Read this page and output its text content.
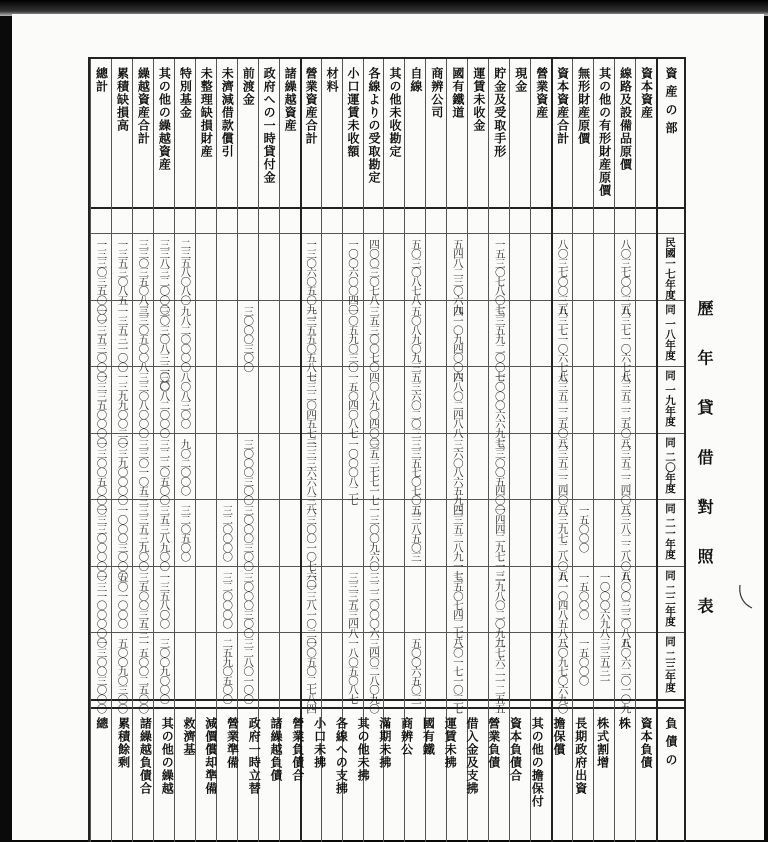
歷 年 貸 借 對 照 表
資 産 の 部
民國一七年度
同 一八年度
同 一九年度
同 二〇年度
同 二一年度
同 二二年度
同 二三年度
資本資産
線路及設備品原價
八〇三七〇〇三五
八三七一〇六七七
八三五二二五〇三
八三五二二四〇三
八三八二二八〇五
八〇〇三三〇八五
八〇六二〇一〇九
其の他の有形財産原價
一〇〇〇六九八
三三五三一
無形財産原價
一五〇〇〇
一五〇〇〇
一五〇〇〇
資本資産合計
八〇三七〇〇三五
八三七一〇六七七
八三五二二五〇三
八三五二二四〇三
八三九七二八〇五
八一〇四八五八三
八〇九七〇六九〇
營業資産
現金
貯金及受取手形
一五三〇七八〇七
三三五九二〇〇七
一〇〇〇六六九七
三三〇〇五四〇〇
一四四二九七一三
二九八〇二〇九九
二七六二一二五五
運賃未收金
國有鐵道
五四八二三〇六九
四一〇九四〇〇六
四八〇二四八八
三六〇八六五九四
三三五二八九一七
三五〇七四二七八
三〇一七一〇三七
商辨公司
自線
五〇三〇八七八
五〇八九〇九三
五三六〇二〇三
三三五七〇七〇二
五三八五〇三
五〇〇六五〇三
其の他未收勘定
各線よりの受取勘定
四〇〇三〇七八
三五三〇〇七〇
四〇八九〇四〇〇
三五三七七一七
一三〇〇九六〇
三二二〇〇〇六
三四〇二八〇九〇
小口運賃未收額
一〇〇六〇〇四〇
一〇五九〇三〇
一五〇四〇八七
一〇〇〇八二七
三三三五三四八
一八〇五〇八七
材料
營業資産合計
一三〇六〇五〇九一
一三五五〇五八七
一三二〇四五七三
一三三六六八三八
一三〇〇一〇七六〇
一一三八一〇二〇
一〇五〇二七八四
諸繰越資産
政府への一時貸付金
前渡金
三〇〇〇三〇〇
三〇〇〇三〇〇
三〇〇〇三〇〇
三〇〇〇三〇〇
三二八〇一〇〇
未濟減借款償引
三二〇〇〇〇
三二〇〇〇〇
二五九〇五〇〇
未整理缺損財産
特別基金
二三五八〇八〇
九八二〇〇〇〇
八〇八三〇〇
九〇二〇〇〇
三二〇五〇〇
其の他の繰越資産
三三八三二〇〇〇
三〇三〇八三二〇〇
三〇八二〇〇〇
三二二〇五〇〇
三五三八九〇〇
一三五八〇〇
三〇〇九〇〇〇
繰越資産合計
三三〇三五〇八三
三三〇五〇〇八
三三〇八〇〇〇
三三〇一〇五三
三三五三九〇〇
三五〇〇三五三
一五〇〇二五〇〇
累積缺損高
一三五三〇八五
一三五三一〇〇
一三九九〇〇二〇
一三九〇〇〇〇
一〇〇〇三〇〇〇
五〇一〇〇〇
五〇〇九〇三〇〇
總計
一三三〇三五〇〇〇
一一三五三〇〇〇
一三三五〇〇〇〇
一三〇〇五〇〇〇
一三三〇〇〇〇〇
一三一〇〇〇〇〇
一三〇〇三〇〇〇
負 債 の
資本負債
株
株式割增
長期政府出資
擔保償
其の他の擔保付
資本負債合
營業負債
借入金及支拂
運賃未拂
國有鐵
商辨公
滿期未拂
其の他未拂
各線への支拂
小口未拂
營業負債合
諸繰越負債
政府一時立替
營業準備
減價償却準備
救濟基
其の他の繰越
諸繰越負債合
累積餘剩
總
